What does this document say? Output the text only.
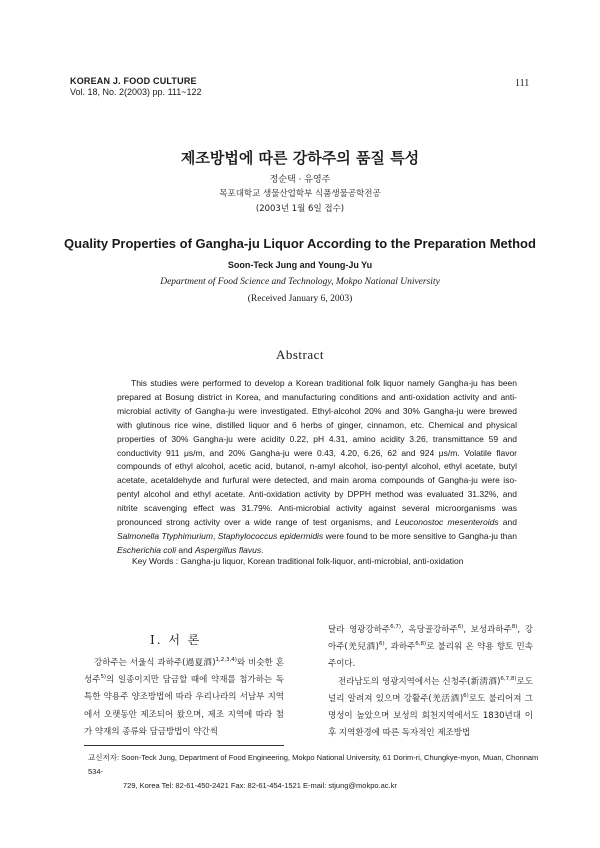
KOREAN J. FOOD CULTURE
Vol. 18, No. 2(2003) pp. 111~122
111
제조방법에 따른 강하주의 품질 특성
정순택 · 유영주
목포대학교 생물산업학부 식품생물공학전공
(2003년 1월 6일 접수)
Quality Properties of Gangha-ju Liquor According to the Preparation Method
Soon-Teck Jung and Young-Ju Yu
Department of Food Science and Technology, Mokpo National University
(Received January 6, 2003)
Abstract
This studies were performed to develop a Korean traditional folk liquor namely Gangha-ju has been prepared at Bosung district in Korea, and manufacturing conditions and anti-oxidation activity and anti-microbial activity of Gangha-ju were investigated. Ethyl-alcohol 20% and 30% Gangha-ju were brewed with glutinous rice wine, distilled liquor and 6 herbs of ginger, cinnamon, etc. Chemical and physical properties of 30% Gangha-ju were acidity 0.22, pH 4.31, amino acidity 3.26, transmittance 59 and conductivity 911 μs/m, and 20% Gangha-ju were 0.43, 4.20, 6.26, 62 and 924 μs/m. Volatile flavor compounds of ethyl alcohol, acetic acid, butanol, n-amyl alcohol, iso-pentyl alcohol, ethyl acetate, butyl acetate, acetaldehyde and furfural were detected, and main aroma compounds of Gangha-ju were iso-pentyl alcohol and ethyl acetate. Anti-oxidation activity by DPPH method was evaluated 31.32%, and nitrite scavenging effect was 31.79%. Anti-microbial activity against several microorganisms was pronounced strong activity over a wide range of test organisms, and Leuconostoc mesenteroids and Salmonella Ttyphimurium, Staphylococcus epidermidis were found to be more sensitive to Gangha-ju than Escherichia coli and Aspergillus flavus.
Key Words : Gangha-ju liquor, Korean traditional folk-liquor, anti-microbial, anti-oxidation
I. 서 론
강하주는 서울식 과하주(過夏酒)$^{1,2,3,4)}$와 비슷한 혼성주$^{5)}$의 일종이지만 담금할 때에 약재를 첨가하는 독특한 약용주 양조방법에 따라 우리나라의 서남부 지역에서 오랫동안 제조되어 왔으며, 제조 지역에 따라 첨가 약재의 종류와 담금방법이 약간씩

달라 영광강하주$^{6,7)}$, 옥당골강하주$^{6)}$, 보성과하주$^{8)}$, 강아주(羌兒酒)$^{6)}$, 과하주$^{6,8)}$로 불리워 온 약용 향토 민속주이다.

전라남도의 영광지역에서는 신청주(新淸酒)$^{6,7,8)}$로도 널리 알려져 있으며 강활주(羌活酒)$^{6)}$로도 불리어져 그 명성이 높았으며 보성의 회천지역에서도 1830년대 이후 지역환경에 따른 독자적인 제조방법

교신저자: Soon-Teck Jung, Department of Food Engineering, Mokpo National University, 61 Dorim-ri, Chungkye-myon, Muan, Chonnam 534-
729, Korea Tel: 82-61-450-2421 Fax: 82-61-454-1521 E-mail: stjung@mokpo.ac.kr
